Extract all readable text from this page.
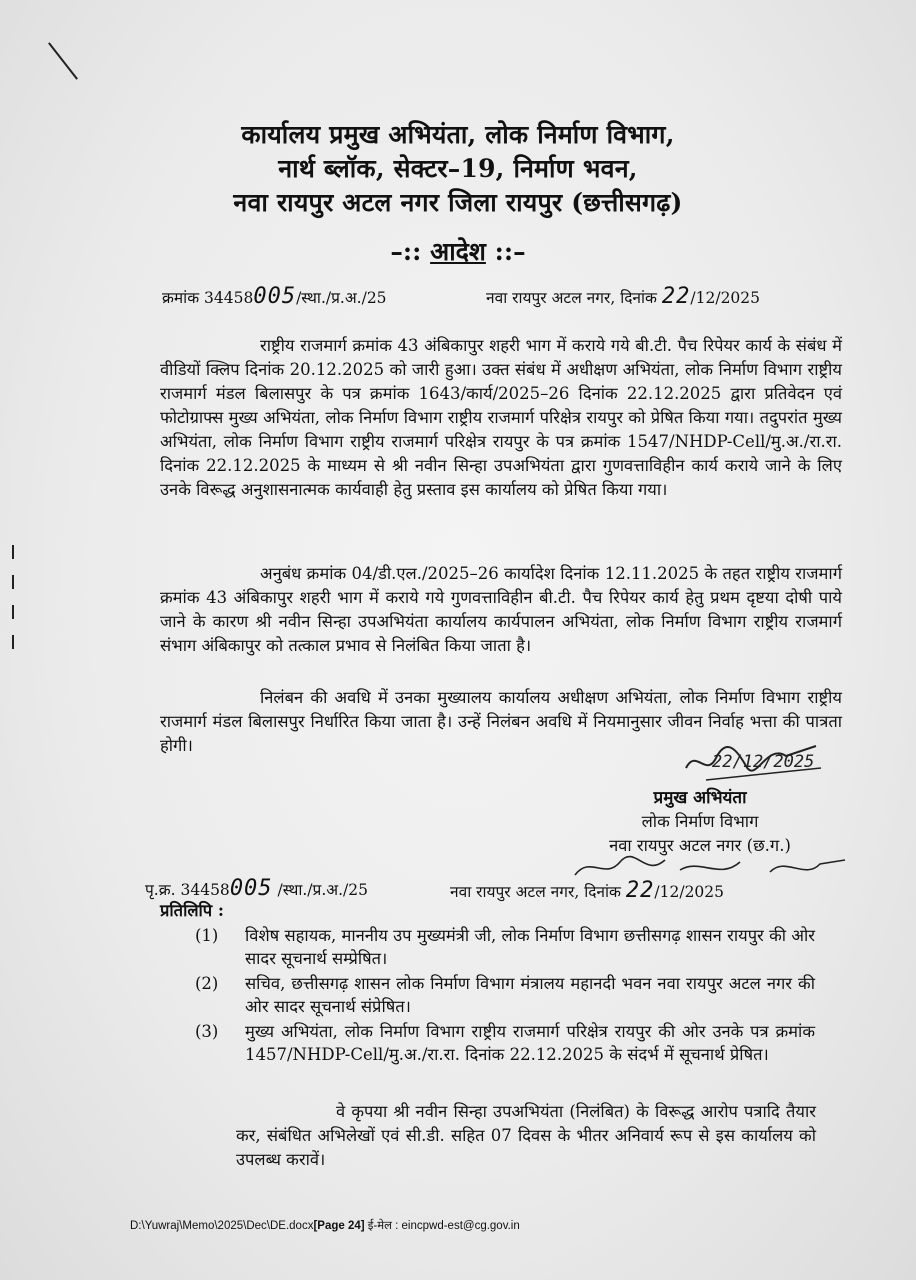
कार्यालय प्रमुख अभियंता, लोक निर्माण विभाग,
नार्थ ब्लॉक, सेक्टर–19, निर्माण भवन,
नवा रायपुर अटल नगर जिला रायपुर (छत्तीसगढ़)
–:: आदेश ::–
क्रमांक 34458005/स्था./प्र.अ./25	नवा रायपुर अटल नगर, दिनांक 22/12/2025
राष्ट्रीय राजमार्ग क्रमांक 43 अंबिकापुर शहरी भाग में कराये गये बी.टी. पैच रिपेयर कार्य के संबंध में वीडियों क्लिप दिनांक 20.12.2025 को जारी हुआ। उक्त संबंध में अधीक्षण अभियंता, लोक निर्माण विभाग राष्ट्रीय राजमार्ग मंडल बिलासपुर के पत्र क्रमांक 1643/कार्य/2025–26 दिनांक 22.12.2025 द्वारा प्रतिवेदन एवं फोटोग्राफ्स मुख्य अभियंता, लोक निर्माण विभाग राष्ट्रीय राजमार्ग परिक्षेत्र रायपुर को प्रेषित किया गया। तदुपरांत मुख्य अभियंता, लोक निर्माण विभाग राष्ट्रीय राजमार्ग परिक्षेत्र रायपुर के पत्र क्रमांक 1547/NHDP-Cell/मु.अ./रा.रा. दिनांक 22.12.2025 के माध्यम से श्री नवीन सिन्हा उपअभियंता द्वारा गुणवत्ताविहीन कार्य कराये जाने के लिए उनके विरूद्ध अनुशासनात्मक कार्यवाही हेतु प्रस्ताव इस कार्यालय को प्रेषित किया गया।
अनुबंध क्रमांक 04/डी.एल./2025–26 कार्यादेश दिनांक 12.11.2025 के तहत राष्ट्रीय राजमार्ग क्रमांक 43 अंबिकापुर शहरी भाग में कराये गये गुणवत्ताविहीन बी.टी. पैच रिपेयर कार्य हेतु प्रथम दृष्टया दोषी पाये जाने के कारण श्री नवीन सिन्हा उपअभियंता कार्यालय कार्यपालन अभियंता, लोक निर्माण विभाग राष्ट्रीय राजमार्ग संभाग अंबिकापुर को तत्काल प्रभाव से निलंबित किया जाता है।
निलंबन की अवधि में उनका मुख्यालय कार्यालय अधीक्षण अभियंता, लोक निर्माण विभाग राष्ट्रीय राजमार्ग मंडल बिलासपुर निर्धारित किया जाता है। उन्हें निलंबन अवधि में नियमानुसार जीवन निर्वाह भत्ता की पात्रता होगी।
22/12/2025
प्रमुख अभियंता
लोक निर्माण विभाग
नवा रायपुर अटल नगर (छ.ग.)
पृ.क्र. 34458005 /स्था./प्र.अ./25	नवा रायपुर अटल नगर, दिनांक 22/12/2025
प्रतिलिपि :
(1) विशेष सहायक, माननीय उप मुख्यमंत्री जी, लोक निर्माण विभाग छत्तीसगढ़ शासन रायपुर की ओर सादर सूचनार्थ सम्प्रेषित।
(2) सचिव, छत्तीसगढ़ शासन लोक निर्माण विभाग मंत्रालय महानदी भवन नवा रायपुर अटल नगर की ओर सादर सूचनार्थ संप्रेषित।
(3) मुख्य अभियंता, लोक निर्माण विभाग राष्ट्रीय राजमार्ग परिक्षेत्र रायपुर की ओर उनके पत्र क्रमांक 1457/NHDP-Cell/मु.अ./रा.रा. दिनांक 22.12.2025 के संदर्भ में सूचनार्थ प्रेषित।
वे कृपया श्री नवीन सिन्हा उपअभियंता (निलंबित) के विरूद्ध आरोप पत्रादि तैयार कर, संबंधित अभिलेखों एवं सी.डी. सहित 07 दिवस के भीतर अनिवार्य रूप से इस कार्यालय को उपलब्ध करावें।
D:\Yuwraj\Memo\2025\Dec\DE.docx[Page 24] ई-मेल : eincpwd-est@cg.gov.in
